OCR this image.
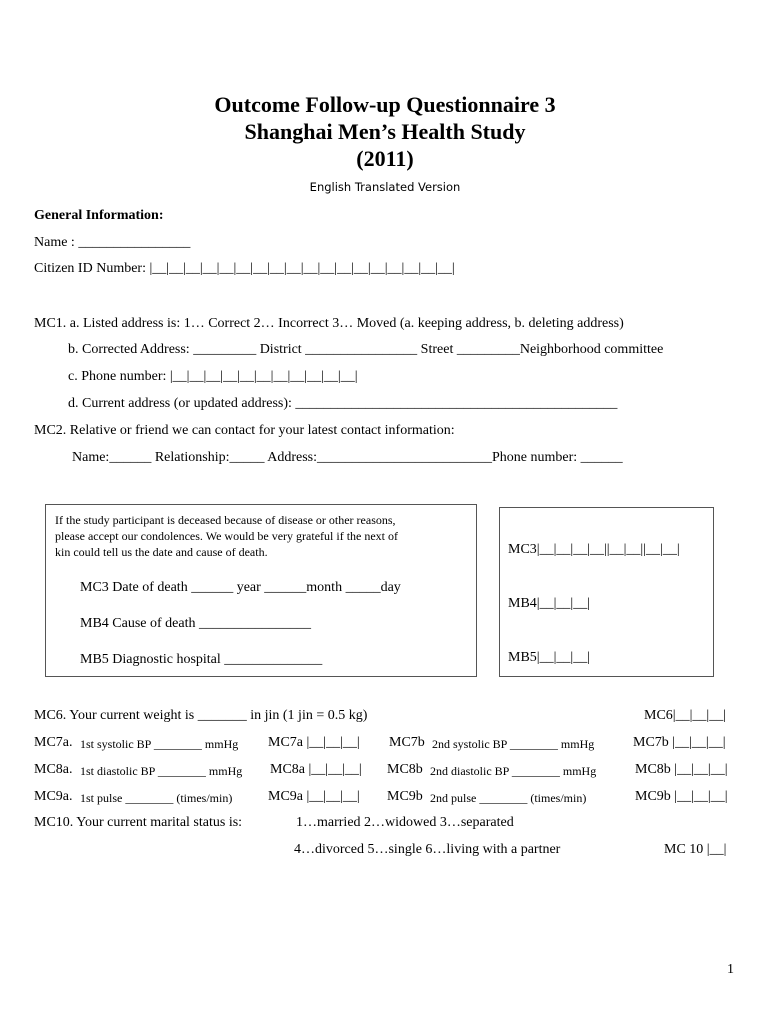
Outcome Follow-up Questionnaire 3
Shanghai Men’s Health Study
(2011)
English Translated Version
General Information:
Name : ________________
Citizen ID Number: |__|__|__|__|__|__|__|__|__|__|__|__|__|__|__|__|__|__|
MC1. a. Listed address is: 1… Correct 2… Incorrect 3… Moved (a. keeping address, b. deleting address)
b. Corrected Address: _________ District ________________ Street _________Neighborhood committee
c. Phone number: |__|__|__|__|__|__|__|__|__|__|__|
d. Current address (or updated address): ______________________________________________
MC2. Relative or friend we can contact for your latest contact information:
Name:______ Relationship:_____ Address:_________________________Phone number: ______
If the study participant is deceased because of disease or other reasons,
please accept our condolences. We would be very grateful if the next of
kin could tell us the date and cause of death.
MC3 Date of death ______ year ______month _____day
MB4 Cause of death ________________
MB5 Diagnostic hospital ______________
MC3|__|__|__|__||__|__||__|__|
MB4|__|__|__|
MB5|__|__|__|
MC6. Your current weight is _______ in jin (1 jin = 0.5 kg)	MC6|__|__|__|
MC7a. 1st systolic BP ________ mmHg MC7a |__|__|__| MC7b 2nd systolic BP ________ mmHg	MC7b |__|__|__|
MC8a. 1st diastolic BP ________ mmHg MC8a |__|__|__| MC8b 2nd diastolic BP ________ mmHg	MC8b |__|__|__|
MC9a. 1st pulse ________ (times/min)	MC9a |__|__|__| MC9b 2nd pulse ________ (times/min)	MC9b |__|__|__|
MC10. Your current marital status is:	1…married 2…widowed 3…separated
4…divorced 5…single 6…living with a partner	MC 10 |__|
1
